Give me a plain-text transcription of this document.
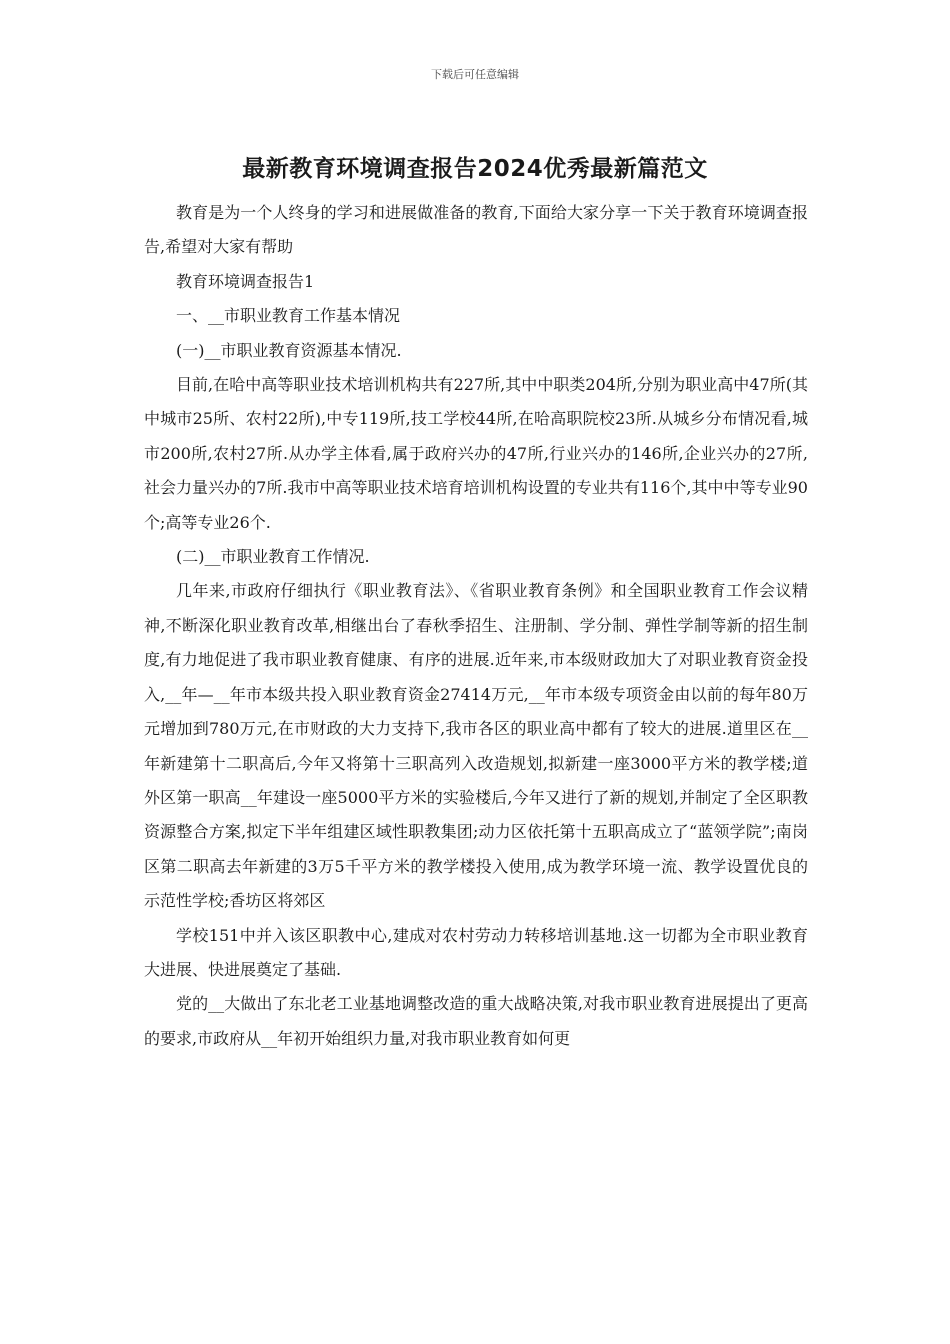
下载后可任意编辑
最新教育环境调查报告2024优秀最新篇范文

教育是为一个人终身的学习和进展做准备的教育,下面给大家分享一下关于教育环境调查报告,希望对大家有帮助

教育环境调查报告1

一、__市职业教育工作基本情况

(一)__市职业教育资源基本情况.

目前,在哈中高等职业技术培训机构共有227所,其中中职类204所,分别为职业高中47所(其中城市25所、农村22所),中专119所,技工学校44所,在哈高职院校23所.从城乡分布情况看,城市200所,农村27所.从办学主体看,属于政府兴办的47所,行业兴办的146所,企业兴办的27所,社会力量兴办的7所.我市中高等职业技术培育培训机构设置的专业共有116个,其中中等专业90个;高等专业26个.

(二)__市职业教育工作情况.

几年来,市政府仔细执行《职业教育法》、《省职业教育条例》和全国职业教育工作会议精神,不断深化职业教育改革,相继出台了春秋季招生、注册制、学分制、弹性学制等新的招生制度,有力地促进了我市职业教育健康、有序的进展.近年来,市本级财政加大了对职业教育资金投入,__年—__年市本级共投入职业教育资金27414万元,__年市本级专项资金由以前的每年80万元增加到780万元,在市财政的大力支持下,我市各区的职业高中都有了较大的进展.道里区在__年新建第十二职高后,今年又将第十三职高列入改造规划,拟新建一座3000平方米的教学楼;道外区第一职高__年建设一座5000平方米的实验楼后,今年又进行了新的规划,并制定了全区职教资源整合方案,拟定下半年组建区域性职教集团;动力区依托第十五职高成立了“蓝领学院”;南岗区第二职高去年新建的3万5千平方米的教学楼投入使用,成为教学环境一流、教学设置优良的示范性学校;香坊区将郊区

学校151中并入该区职教中心,建成对农村劳动力转移培训基地.这一切都为全市职业教育大进展、快进展奠定了基础.

党的__大做出了东北老工业基地调整改造的重大战略决策,对我市职业教育进展提出了更高的要求,市政府从__年初开始组织力量,对我市职业教育如何更
